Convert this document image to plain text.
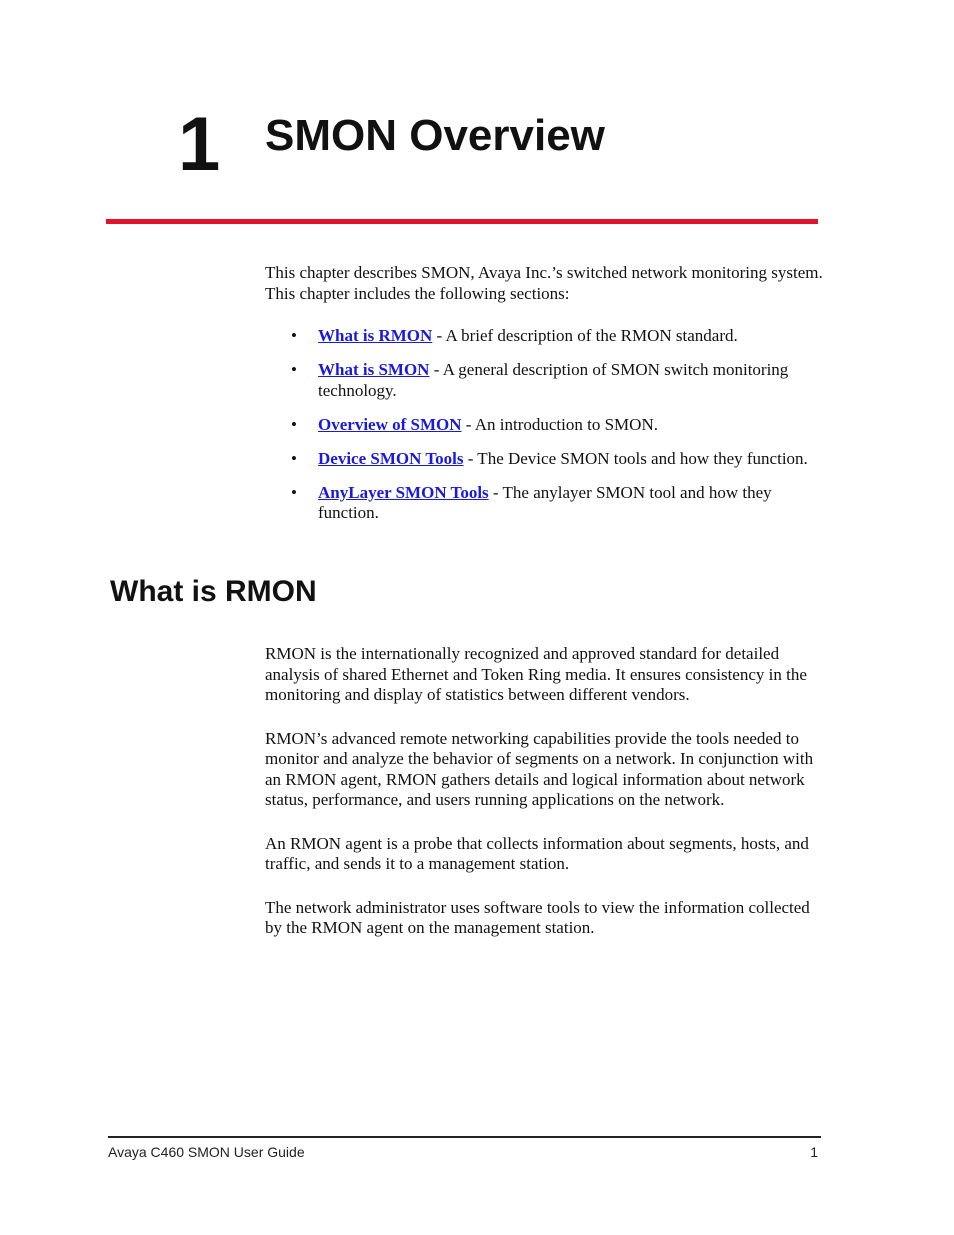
1 SMON Overview

This chapter describes SMON, Avaya Inc.’s switched network monitoring system. This chapter includes the following sections:

• What is RMON - A brief description of the RMON standard.
• What is SMON - A general description of SMON switch monitoring technology.
• Overview of SMON - An introduction to SMON.
• Device SMON Tools - The Device SMON tools and how they function.
• AnyLayer SMON Tools - The anylayer SMON tool and how they function.
What is RMON

RMON is the internationally recognized and approved standard for detailed analysis of shared Ethernet and Token Ring media. It ensures consistency in the monitoring and display of statistics between different vendors.

RMON’s advanced remote networking capabilities provide the tools needed to monitor and analyze the behavior of segments on a network. In conjunction with an RMON agent, RMON gathers details and logical information about network status, performance, and users running applications on the network.

An RMON agent is a probe that collects information about segments, hosts, and traffic, and sends it to a management station.

The network administrator uses software tools to view the information collected by the RMON agent on the management station.

Avaya C460 SMON User Guide	1
